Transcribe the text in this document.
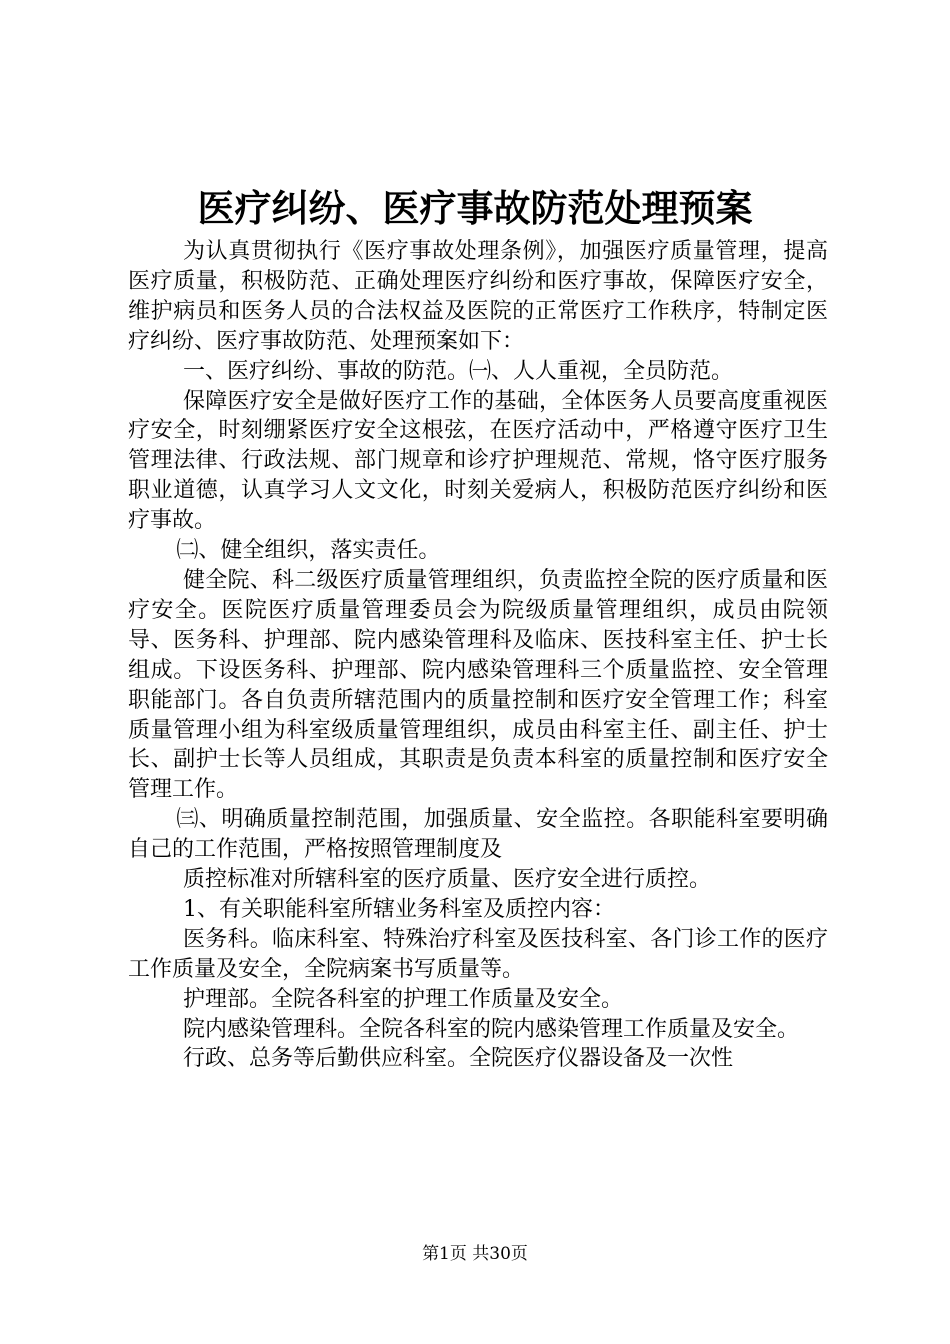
医疗纠纷、医疗事故防范处理预案

为认真贯彻执行《医疗事故处理条例》，加强医疗质量管理，提高医疗质量，积极防范、正确处理医疗纠纷和医疗事故，保障医疗安全，维护病员和医务人员的合法权益及医院的正常医疗工作秩序，特制定医疗纠纷、医疗事故防范、处理预案如下：

一、医疗纠纷、事故的防范。㈠、人人重视，全员防范。

保障医疗安全是做好医疗工作的基础，全体医务人员要高度重视医疗安全，时刻绷紧医疗安全这根弦，在医疗活动中，严格遵守医疗卫生管理法律、行政法规、部门规章和诊疗护理规范、常规，恪守医疗服务职业道德，认真学习人文文化，时刻关爱病人，积极防范医疗纠纷和医疗事故。

㈡、健全组织，落实责任。

健全院、科二级医疗质量管理组织，负责监控全院的医疗质量和医疗安全。医院医疗质量管理委员会为院级质量管理组织，成员由院领导、医务科、护理部、院内感染管理科及临床、医技科室主任、护士长组成。下设医务科、护理部、院内感染管理科三个质量监控、安全管理职能部门。各自负责所辖范围内的质量控制和医疗安全管理工作；科室质量管理小组为科室级质量管理组织，成员由科室主任、副主任、护士长、副护士长等人员组成，其职责是负责本科室的质量控制和医疗安全管理工作。

㈢、明确质量控制范围，加强质量、安全监控。各职能科室要明确自己的工作范围，严格按照管理制度及

质控标准对所辖科室的医疗质量、医疗安全进行质控。

1、有关职能科室所辖业务科室及质控内容：

医务科。临床科室、特殊治疗科室及医技科室、各门诊工作的医疗工作质量及安全，全院病案书写质量等。

护理部。全院各科室的护理工作质量及安全。

院内感染管理科。全院各科室的院内感染管理工作质量及安全。

行政、总务等后勤供应科室。全院医疗仪器设备及一次性

第1页 共30页
